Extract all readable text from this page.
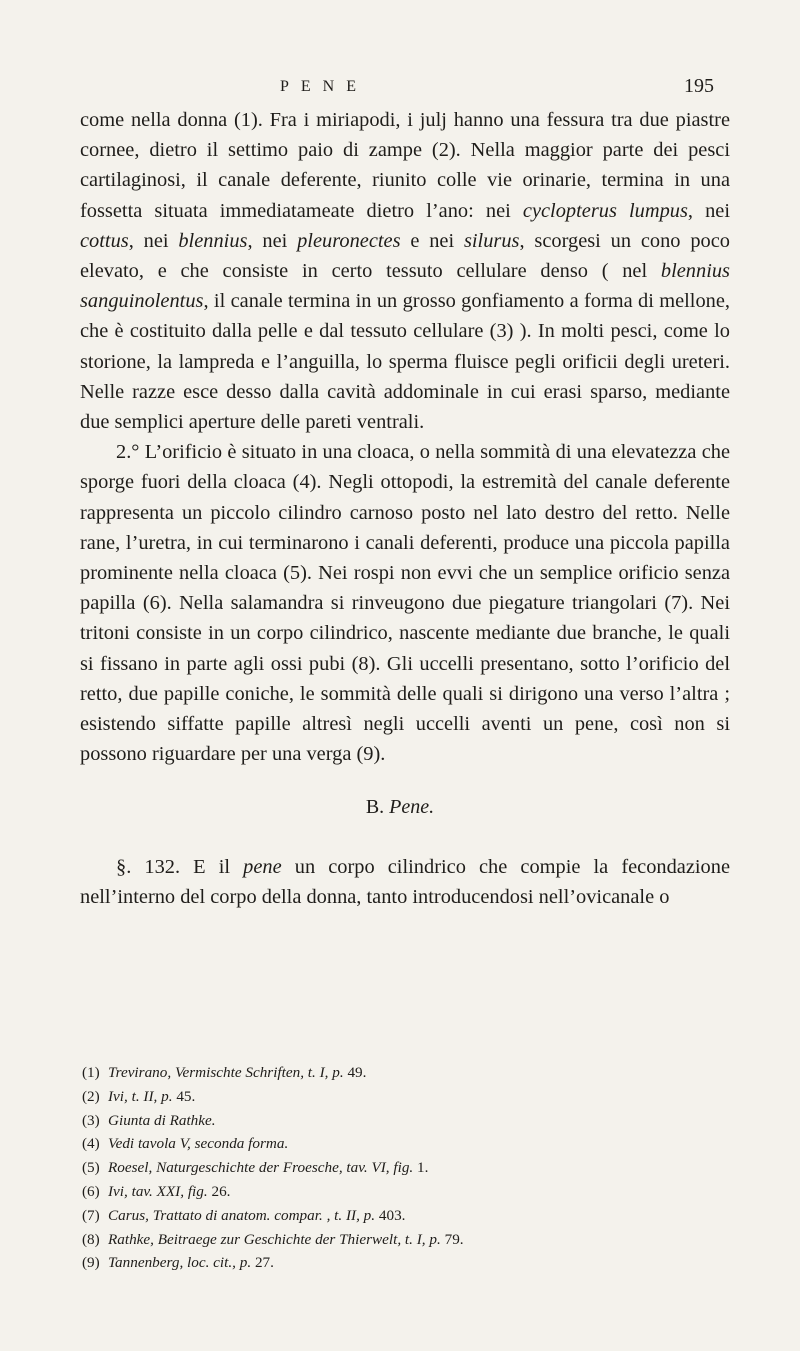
PENE	195

come nella donna (1). Fra i miriapodi, i julj hanno una fessura tra due piastre cornee, dietro il settimo paio di zampe (2). Nella maggior parte dei pesci cartilaginosi, il canale deferente, riunito colle vie orinarie, termina in una fossetta situata immediatameate dietro l’ano: nei cyclopterus lumpus, nei cottus, nei blennius, nei pleuronectes e nei silurus, scorgesi un cono poco elevato, e che consiste in certo tessuto cellulare denso ( nel blennius sanguinolentus, il canale termina in un grosso gonfiamento a forma di mellone, che è costituito dalla pelle e dal tessuto cellulare (3) ). In molti pesci, come lo storione, la lampreda e l’anguilla, lo sperma fluisce pegli orificii degli ureteri. Nelle razze esce desso dalla cavità addominale in cui erasi sparso, mediante due semplici aperture delle pareti ventrali.

2.° L’orificio è situato in una cloaca, o nella sommità di una elevatezza che sporge fuori della cloaca (4). Negli ottopodi, la estremità del canale deferente rappresenta un piccolo cilindro carnoso posto nel lato destro del retto. Nelle rane, l’uretra, in cui terminarono i canali deferenti, produce una piccola papilla prominente nella cloaca (5). Nei rospi non evvi che un semplice orificio senza papilla (6). Nella salamandra si rinveugono due piegature triangolari (7). Nei tritoni consiste in un corpo cilindrico, nascente mediante due branche, le quali si fissano in parte agli ossi pubi (8). Gli uccelli presentano, sotto l’orificio del retto, due papille coniche, le sommità delle quali si dirigono una verso l’altra ; esistendo siffatte papille altresì negli uccelli aventi un pene, così non si possono riguardare per una verga (9).

B. Pene.

§. 132. E il pene un corpo cilindrico che compie la fecondazione nell’interno del corpo della donna, tanto introducendosi nell’ovicanale o

(1) Treviranо, Vermischte Schriften, t. I, p. 49.
(2) Ivi, t. II, p. 45.
(3) Giunta di Rathke.
(4) Vedi tavola V, seconda forma.
(5) Roesel, Naturgeschichte der Froesche, tav. VI, fig. 1.
(6) Ivi, tav. XXI, fig. 26.
(7) Carus, Trattato di anatom. compar. , t. II, p. 403.
(8) Rathke, Beitraege zur Geschichte der Thierwelt, t. I, p. 79.
(9) Tannenberg, loc. cit., p. 27.
